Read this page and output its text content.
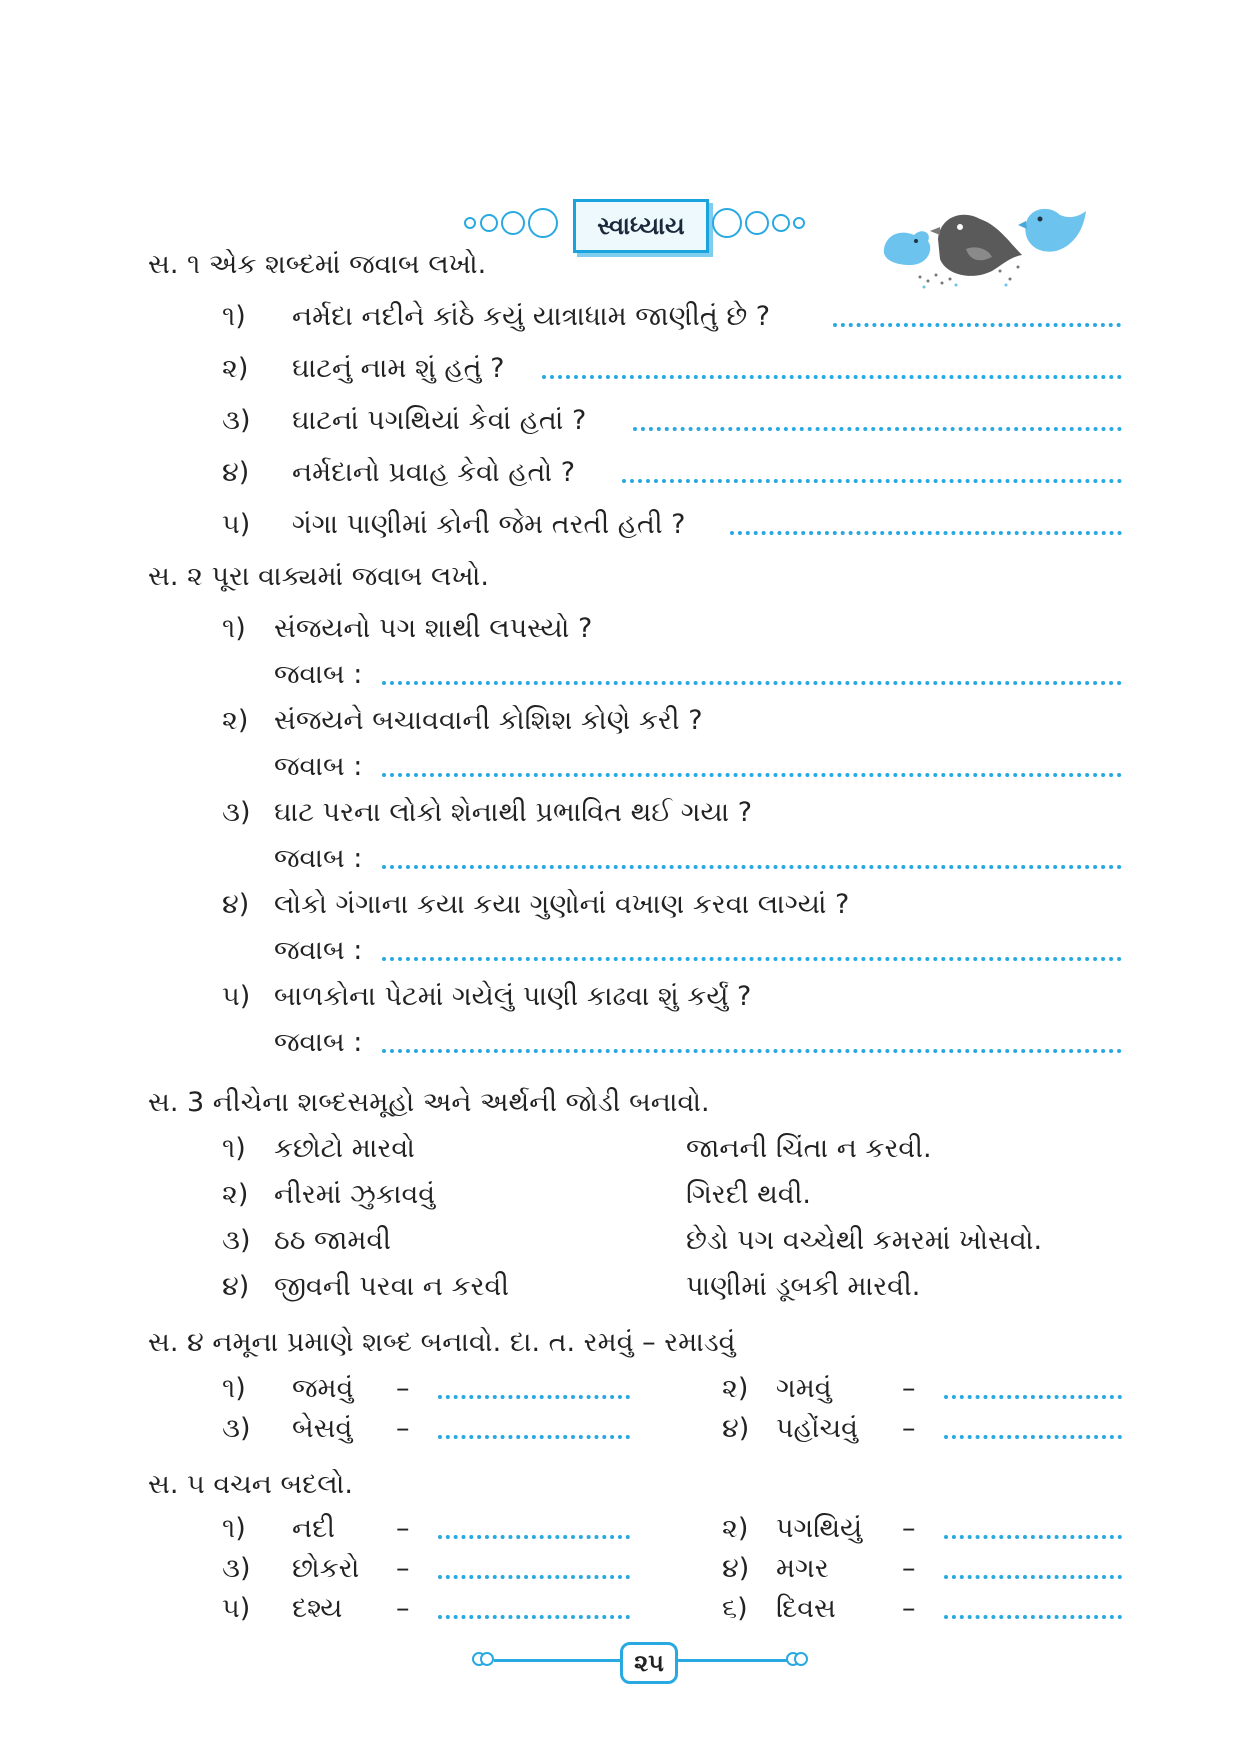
સ્વાધ્યાય
સ. ૧ એક શબ્દમાં જવાબ લખો.
૧) નર્મદા નદીને કાંઠે કયું યાત્રાધામ જાણીતું છે ?
૨) ઘાટનું નામ શું હતું ?
૩) ઘાટનાં પગથિયાં કેવાં હતાં ?
૪) નર્મદાનો પ્રવાહ કેવો હતો ?
૫) ગંગા પાણીમાં કોની જેમ તરતી હતી ?
સ. ૨ પૂરા વાક્યમાં જવાબ લખો.
૧) સંજયનો પગ શાથી લપસ્યો ?
જવાબ :
૨) સંજયને બચાવવાની કોશિશ કોણે કરી ?
જવાબ :
૩) ઘાટ પરના લોકો શેનાથી પ્રભાવિત થઈ ગયા ?
જવાબ :
૪) લોકો ગંગાના કયા કયા ગુણોનાં વખાણ કરવા લાગ્યાં ?
જવાબ :
૫) બાળકોના પેટમાં ગયેલું પાણી કાઢવા શું કર્યું ?
જવાબ :
સ. 3 નીચેના શબ્દસમૂહો અને અર્થની જોડી બનાવો.
૧) કછોટો મારવો	જાનની ચિંતા ન કરવી.
૨) નીરમાં ઝુકાવવું	ગિરદી થવી.
૩) ઠઠ જામવી	છેડો પગ વચ્ચેથી કમરમાં ખોસવો.
૪) જીવની પરવા ન કરવી	પાણીમાં ડૂબકી મારવી.
સ. ૪ નમૂના પ્રમાણે શબ્દ બનાવો. દા. ત. રમવું – રમાડવું
૧) જમવું –	૨) ગમવું	–
૩) બેસવું –	૪) પહોંચવું –
સ. ૫ વચન બદલો.
૧) નદી –	૨) પગથિયું –
૩) છોકરો –	૪) મગર	–
૫) દશ્ય –	૬) દિવસ –
૨૫
